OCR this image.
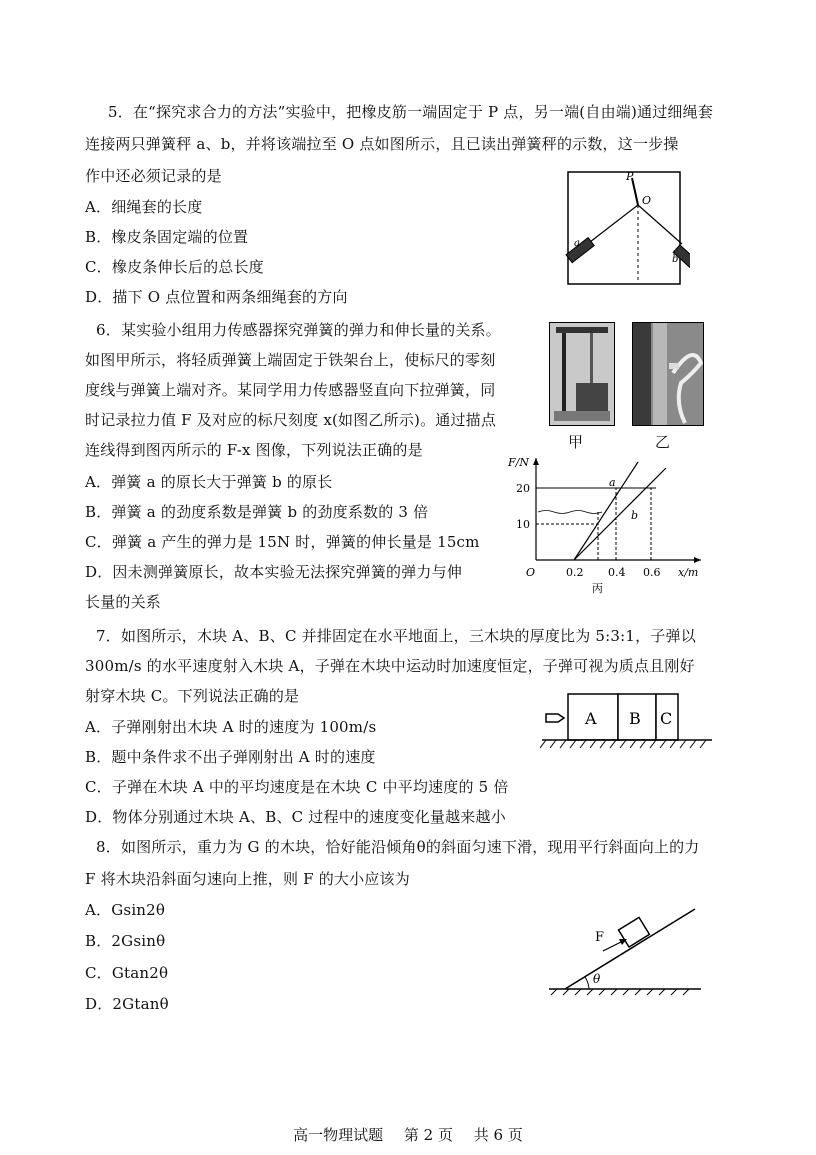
5．在“探究求合力的方法”实验中，把橡皮筋一端固定于 P 点，另一端(自由端)通过细绳套
连接两只弹簧秤 a、b，并将该端拉至 O 点如图所示，且已读出弹簧秤的示数，这一步操
作中还必须记录的是
A．细绳套的长度
B．橡皮条固定端的位置
C．橡皮条伸长后的总长度
D．描下 O 点位置和两条细绳套的方向
P
O
a
b
6．某实验小组用力传感器探究弹簧的弹力和伸长量的关系。
如图甲所示，将轻质弹簧上端固定于铁架台上，使标尺的零刻
度线与弹簧上端对齐。某同学用力传感器竖直向下拉弹簧，同
时记录拉力值 F 及对应的标尺刻度 x(如图乙所示)。通过描点
连线得到图丙所示的 F-x 图像，下列说法正确的是
A．弹簧 a 的原长大于弹簧 b 的原长
B．弹簧 a 的劲度系数是弹簧 b 的劲度系数的 3 倍
C．弹簧 a 产生的弹力是 15N 时，弹簧的伸长量是 15cm
D．因未测弹簧原长，故本实验无法探究弹簧的弹力与伸
长量的关系
甲	乙
F/N
x/m
O
20
10
0.2 0.4 0.6
a
b
丙
7．如图所示，木块 A、B、C 并排固定在水平地面上，三木块的厚度比为 5:3:1，子弹以
300m/s 的水平速度射入木块 A，子弹在木块中运动时加速度恒定，子弹可视为质点且刚好
射穿木块 C。下列说法正确的是
A．子弹刚射出木块 A 时的速度为 100m/s
B．题中条件求不出子弹刚射出 A 时的速度
C．子弹在木块 A 中的平均速度是在木块 C 中平均速度的 5 倍
D．物体分别通过木块 A、B、C 过程中的速度变化量越来越小
A B C
8．如图所示，重力为 G 的木块，恰好能沿倾角θ的斜面匀速下滑，现用平行斜面向上的力
F 将木块沿斜面匀速向上推，则 F 的大小应该为
A．Gsin2θ
B．2Gsinθ
C．Gtan2θ
D．2Gtanθ
F
θ
高一物理试题 第 2 页 共 6 页
